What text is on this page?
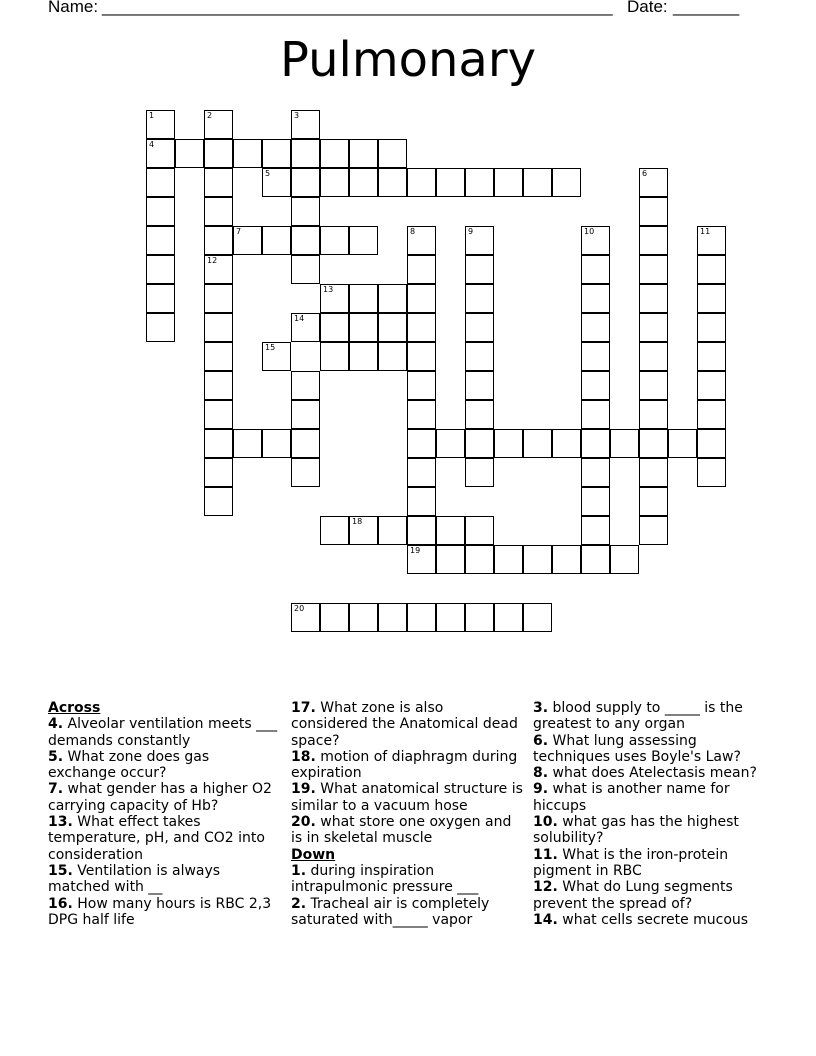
Name: ______________________________________________________ Date: _______
Pulmonary
4
1	2
7
12
3
5
13
14
15
8	9	10
6
11
18
19
20
Across
4. Alveolar ventilation meets ___ demands constantly
5. What zone does gas exchange occur?
7. what gender has a higher O2 carrying capacity of Hb?
13. What effect takes temperature, pH, and CO2 into consideration
15. Ventilation is always matched with __
16. How many hours is RBC 2,3 DPG half life
17. What zone is also considered the Anatomical dead space?
18. motion of diaphragm during expiration
19. What anatomical structure is similar to a vacuum hose
20. what store one oxygen and is in skeletal muscle
Down
1. during inspiration intrapulmonic pressure ___
2. Tracheal air is completely saturated with_____ vapor
3. blood supply to _____ is the greatest to any organ
6. What lung assessing techniques uses Boyle's Law?
8. what does Atelectasis mean?
9. what is another name for hiccups
10. what gas has the highest solubility?
11. What is the iron-protein pigment in RBC
12. What do Lung segments prevent the spread of?
14. what cells secrete mucous
